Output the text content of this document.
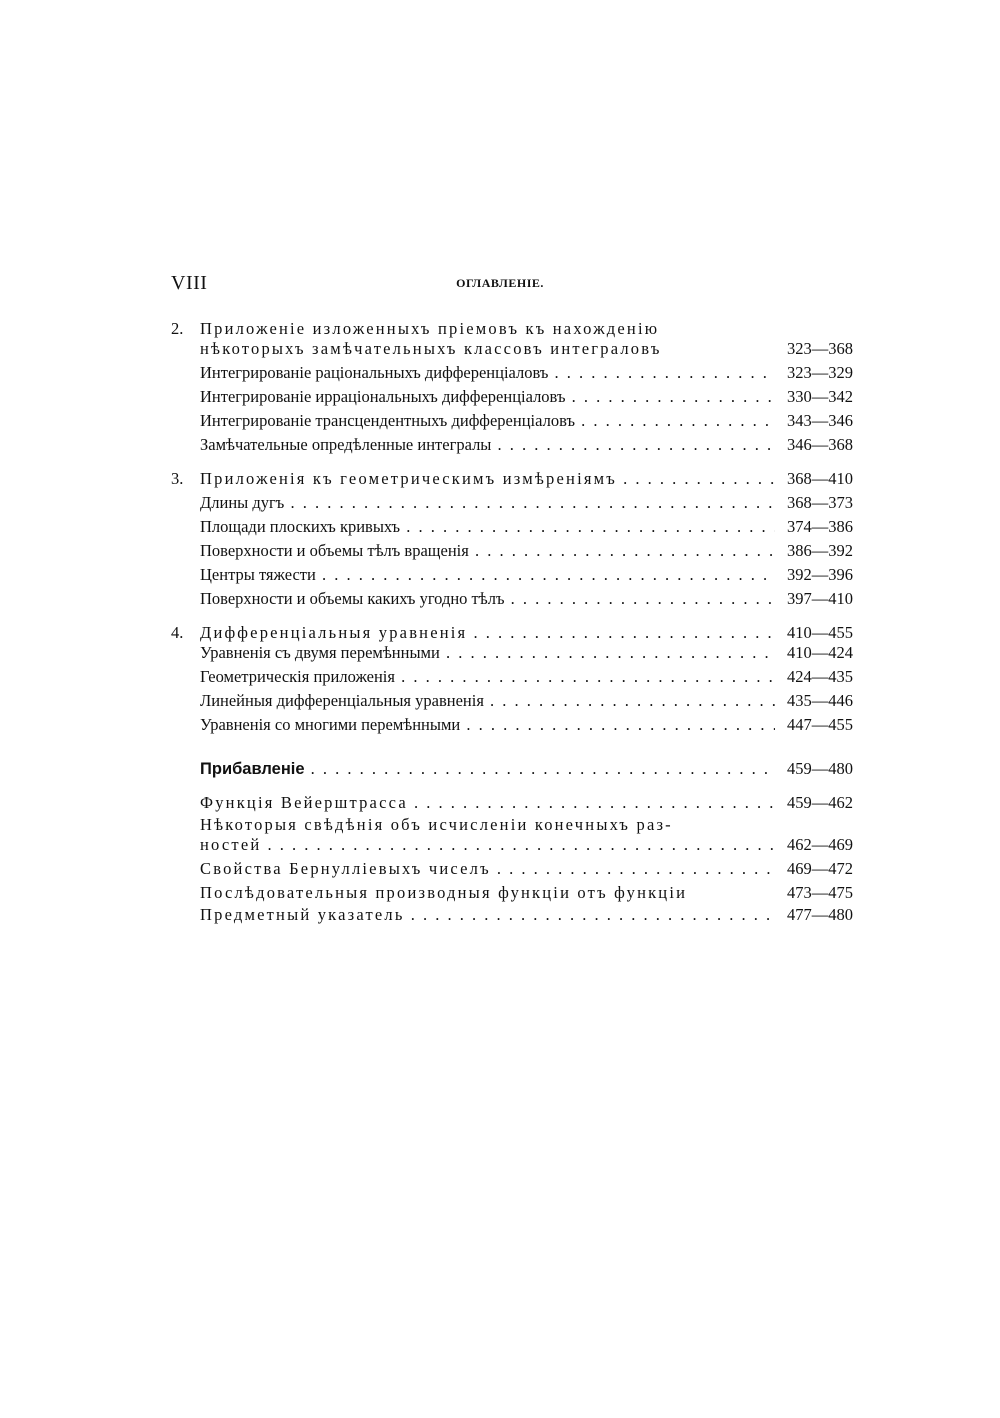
VIII	ОГЛАВЛЕНIЕ.
2. Приложенiе изложенныхъ прiемовъ къ нахожденiю
нѣкоторыхъ замѣчательныхъ классовъ интеграловъ	323—368
Интегрированiе рацiональныхъ дифференцiаловъ . . .	323—329
Интегрированiе иррацiональныхъ дифференцiаловъ . . .	330—342
Интегрированiе трансцендентныхъ дифференцiаловъ . . .	343—346
Замѣчательные опредѣленные интегралы . . .	346—368
3. Приложенiя къ геометрическимъ измѣренiямъ . . .	368—410
Длины дугъ . . .	368—373
Площади плоскихъ кривыхъ . . .	374—386
Поверхности и объемы тѣлъ вращенiя . . .	386—392
Центры тяжести . . .	392—396
Поверхности и объемы какихъ угодно тѣлъ . . .	397—410
4. Дифференцiальныя уравненiя . . .	410—455
Уравненiя съ двумя перемѣнными . . .	410—424
Геометрическiя приложенiя . . .	424—435
Линейныя дифференцiальныя уравненiя . . .	435—446
Уравненiя со многими перемѣнными . . .	447—455
Прибавленiе . . .	459—480
Функцiя Вейерштрасса . . .	459—462
Нѣкоторыя свѣдѣнiя объ исчисленiи конечныхъ раз-
ностей . . .	462—469
Свойства Бернуллiевыхъ чиселъ . . .	469—472
Послѣдовательныя производныя функцiи отъ функцiи	473—475
Предметный указатель . . .	477—480
